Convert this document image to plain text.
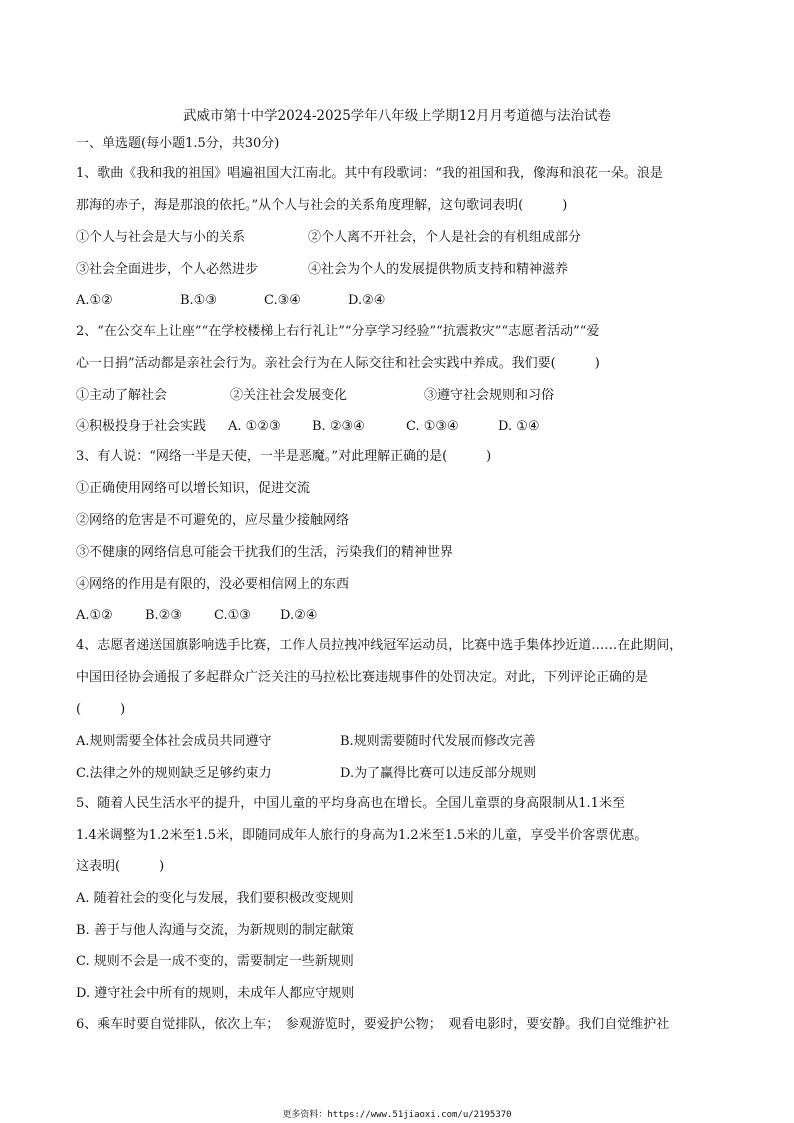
武威市第十中学2024-2025学年八年级上学期12月月考道德与法治试卷
一、单选题(每小题1.5分，共30分)
1、歌曲《我和我的祖国》唱遍祖国大江南北。其中有段歌词：“我的祖国和我，像海和浪花一朵。浪是
那海的赤子，海是那浪的依托。”从个人与社会的关系角度理解，这句歌词表明(　　　)
①个人与社会是大与小的关系	②个人离不开社会，个人是社会的有机组成部分
③社会全面进步，个人必然进步	④社会为个人的发展提供物质支持和精神滋养
A.①②	B.①③	C.③④	D.②④
2、“在公交车上让座”“在学校楼梯上右行礼让”“分享学习经验”“抗震救灾”“志愿者活动”“爱
心一日捐”活动都是亲社会行为。亲社会行为在人际交往和社会实践中养成。我们要(　　　)
①主动了解社会	②关注社会发展变化	③遵守社会规则和习俗
④积极投身于社会实践 A. ①②③ B. ②③④	C. ①③④	D. ①④
3、有人说：“网络一半是天使，一半是恶魔。”对此理解正确的是(　　　)
①正确使用网络可以增长知识，促进交流
②网络的危害是不可避免的，应尽量少接触网络
③不健康的网络信息可能会干扰我们的生活，污染我们的精神世界
④网络的作用是有限的，没必要相信网上的东西
A.①② B.②③ C.①③ D.②④
4、志愿者递送国旗影响选手比赛，工作人员拉拽冲线冠军运动员，比赛中选手集体抄近道……在此期间，
中国田径协会通报了多起群众广泛关注的马拉松比赛违规事件的处罚决定。对此，下列评论正确的是
(　　　)
A.规则需要全体社会成员共同遵守	B.规则需要随时代发展而修改完善
C.法律之外的规则缺乏足够约束力	D.为了赢得比赛可以违反部分规则
5、随着人民生活水平的提升，中国儿童的平均身高也在增长。全国儿童票的身高限制从1.1米至
1.4米调整为1.2米至1.5米，即随同成年人旅行的身高为1.2米至1.5米的儿童，享受半价客票优惠。
这表明(　　　)
A. 随着社会的变化与发展，我们要积极改变规则
B. 善于与他人沟通与交流，为新规则的制定献策
C. 规则不会是一成不变的，需要制定一些新规则
D. 遵守社会中所有的规则，未成年人都应守规则
6、乘车时要自觉排队，依次上车；　参观游览时，要爱护公物；　观看电影时，要安静。我们自觉维护社
更多资料：https://www.51jiaoxi.com/u/2195370
